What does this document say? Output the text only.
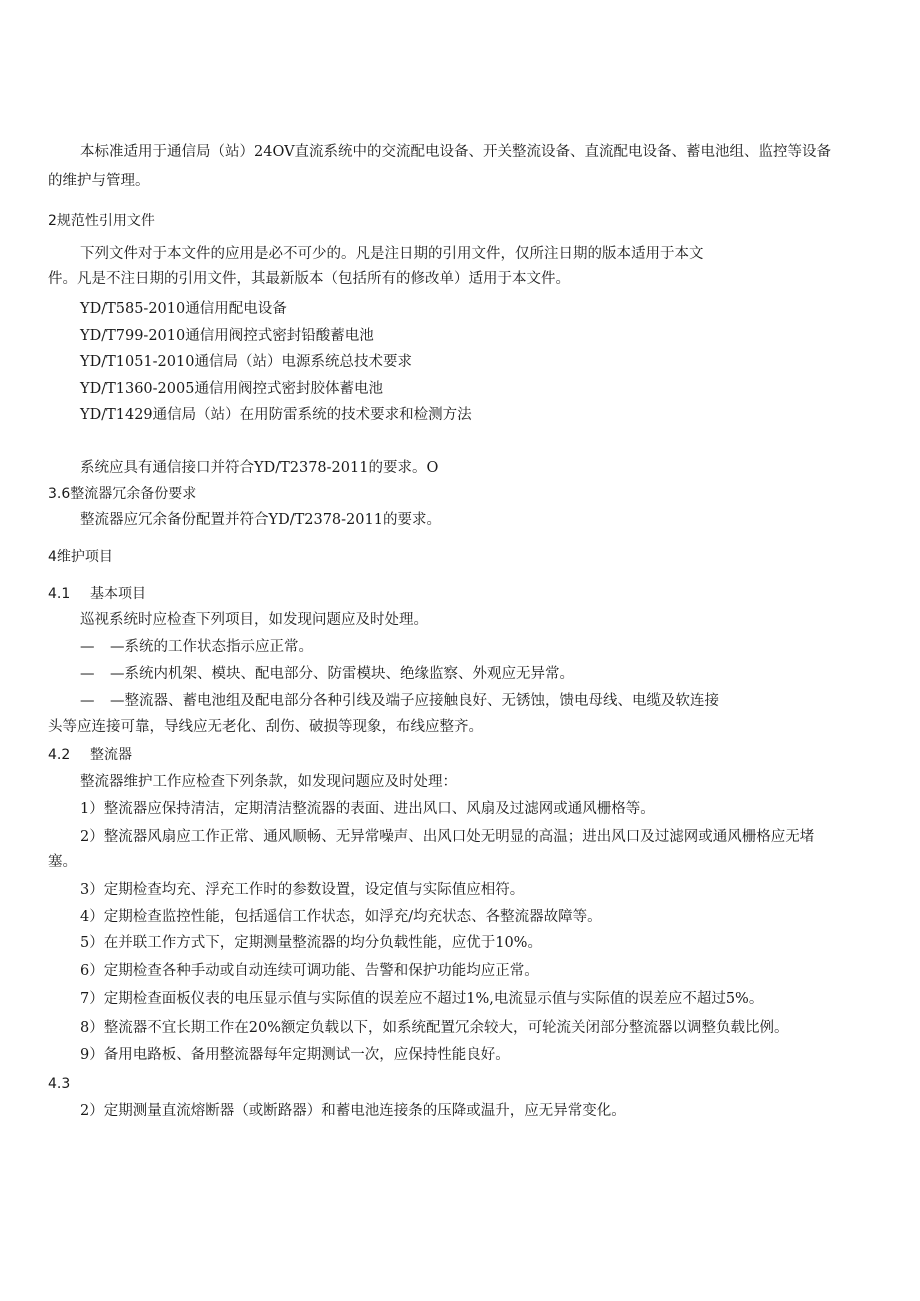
本标准适用于通信局（站）24OV直流系统中的交流配电设备、开关整流设备、直流配电设备、蓄电池组、监控等设备
的维护与管理。
2规范性引用文件
下列文件对于本文件的应用是必不可少的。凡是注日期的引用文件，仅所注日期的版本适用于本文
件。凡是不注日期的引用文件，其最新版本（包括所有的修改单）适用于本文件。
YD/T585-2010通信用配电设备
YD/T799-2010通信用阀控式密封铅酸蓄电池
YD/T1051-2010通信局（站）电源系统总技术要求
YD/T1360-2005通信用阀控式密封胶体蓄电池
YD/T1429通信局（站）在用防雷系统的技术要求和检测方法
系统应具有通信接口并符合YD/T2378-2011的要求。O
3.6整流器冗余备份要求
整流器应冗余备份配置并符合YD/T2378-2011的要求。
4维护项目
4.1 基本项目
巡视系统时应检查下列项目，如发现问题应及时处理。
— —系统的工作状态指示应正常。
— —系统内机架、模块、配电部分、防雷模块、绝缘监察、外观应无异常。
— —整流器、蓄电池组及配电部分各种引线及端子应接触良好、无锈蚀，馈电母线、电缆及软连接
头等应连接可靠，导线应无老化、刮伤、破损等现象，布线应整齐。
4.2 整流器
整流器维护工作应检查下列条款，如发现问题应及时处理：
1）整流器应保持清洁，定期清洁整流器的表面、进出风口、风扇及过滤网或通风栅格等。
2）整流器风扇应工作正常、通风顺畅、无异常噪声、出风口处无明显的高温；进出风口及过滤网或通风栅格应无堵
塞。
3）定期检查均充、浮充工作时的参数设置，设定值与实际值应相符。
4）定期检查监控性能，包括遥信工作状态，如浮充/均充状态、各整流器故障等。
5）在并联工作方式下，定期测量整流器的均分负载性能，应优于10%。
6）定期检查各种手动或自动连续可调功能、告警和保护功能均应正常。
7）定期检查面板仪表的电压显示值与实际值的误差应不超过1%,电流显示值与实际值的误差应不超过5%。
8）整流器不宜长期工作在20%额定负载以下，如系统配置冗余较大，可轮流关闭部分整流器以调整负载比例。
9）备用电路板、备用整流器每年定期测试一次，应保持性能良好。
4.3
2）定期测量直流熔断器（或断路器）和蓄电池连接条的压降或温升，应无异常变化。
